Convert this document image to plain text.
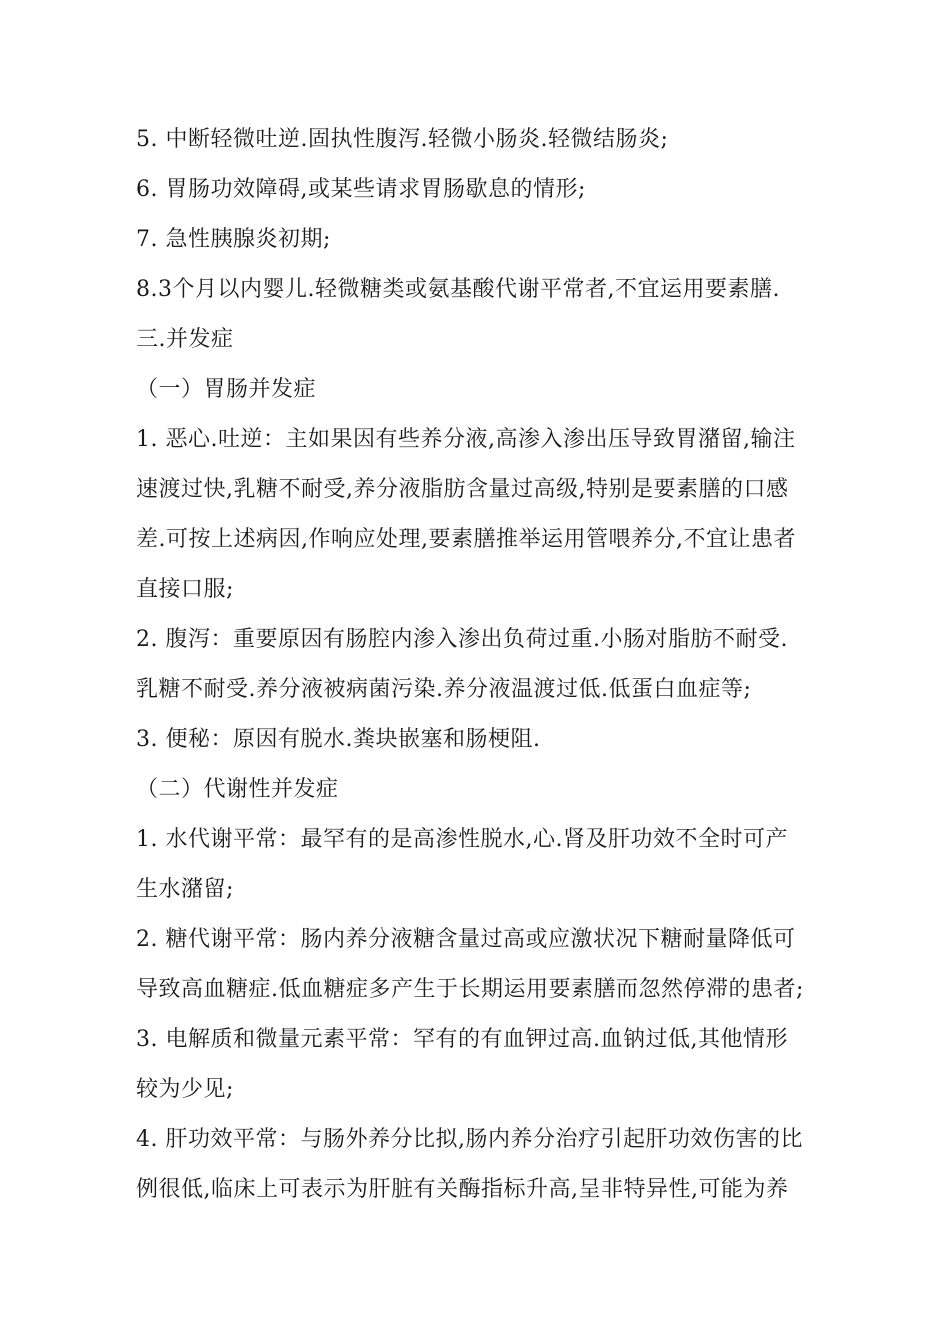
5. 中断轻微吐逆.固执性腹泻.轻微小肠炎.轻微结肠炎;
6. 胃肠功效障碍,或某些请求胃肠歇息的情形;
7. 急性胰腺炎初期;
8.3个月以内婴儿.轻微糖类或氨基酸代谢平常者,不宜运用要素膳.
三.并发症
（一）胃肠并发症
1. 恶心.吐逆：主如果因有些养分液,高渗入渗出压导致胃潴留,输注
速渡过快,乳糖不耐受,养分液脂肪含量过高级,特别是要素膳的口感
差.可按上述病因,作响应处理,要素膳推举运用管喂养分,不宜让患者
直接口服;
2. 腹泻：重要原因有肠腔内渗入渗出负荷过重.小肠对脂肪不耐受.
乳糖不耐受.养分液被病菌污染.养分液温渡过低.低蛋白血症等;
3. 便秘：原因有脱水.粪块嵌塞和肠梗阻.
（二）代谢性并发症
1. 水代谢平常：最罕有的是高渗性脱水,心.肾及肝功效不全时可产
生水潴留;
2. 糖代谢平常：肠内养分液糖含量过高或应激状况下糖耐量降低可
导致高血糖症.低血糖症多产生于长期运用要素膳而忽然停滞的患者;
3. 电解质和微量元素平常：罕有的有血钾过高.血钠过低,其他情形
较为少见;
4. 肝功效平常：与肠外养分比拟,肠内养分治疗引起肝功效伤害的比
例很低,临床上可表示为肝脏有关酶指标升高,呈非特异性,可能为养
